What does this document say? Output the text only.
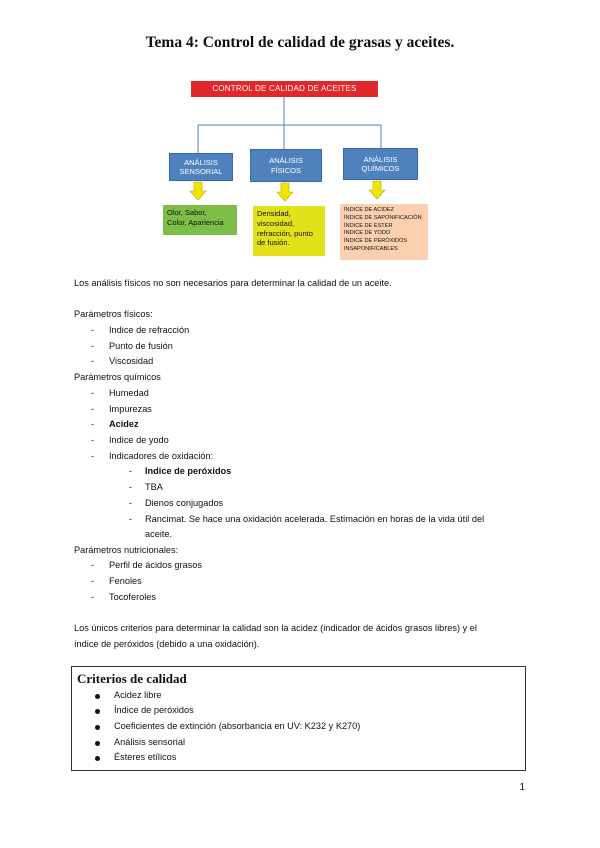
Tema 4: Control de calidad de grasas y aceites.
CONTROL DE CALIDAD DE ACEITES
ANÁLISIS
SENSORIAL
ANÁLISIS
FÍSICOS
ANÁLISIS
QUÍMICOS
Olor, Sabor,
Color, Apariencia
Densidad,
viscosidad,
refracción, punto
de fusión.
ÍNDICE DE ACIDEZ
ÍNDICE DE SAPONIFICACIÓN
ÍNDICE DE ÉSTER
ÍNDICE DE YODO
ÍNDICE DE PERÓXIDOS
INSAPONIFICABLES
Los análisis físicos no son necesarios para determinar la calidad de un aceite.
Parámetros físicos:
- Indice de refracción
- Punto de fusión
- Viscosidad
Parámetros químicos
- Humedad
- Impurezas
- Acidez
- Indice de yodo
- Indicadores de oxidación:
- Indice de peróxidos
- TBA
- Dienos conjugados
- Rancimat. Se hace una oxidación acelerada. Estimación en horas de la vida útil del
aceite.
Parámetros nutricionales:
- Perfil de ácidos grasos
- Fenoles
- Tocoferoles
Los únicos criterios para determinar la calidad son la acidez (indicador de ácidos grasos libres) y el
índice de peróxidos (debido a una oxidación).
Criterios de calidad
Acidez libre
Índice de peróxidos
Coeficientes de extinción (absorbancia en UV: K232 y K270)
Análisis sensorial
Ésteres etílicos
1
